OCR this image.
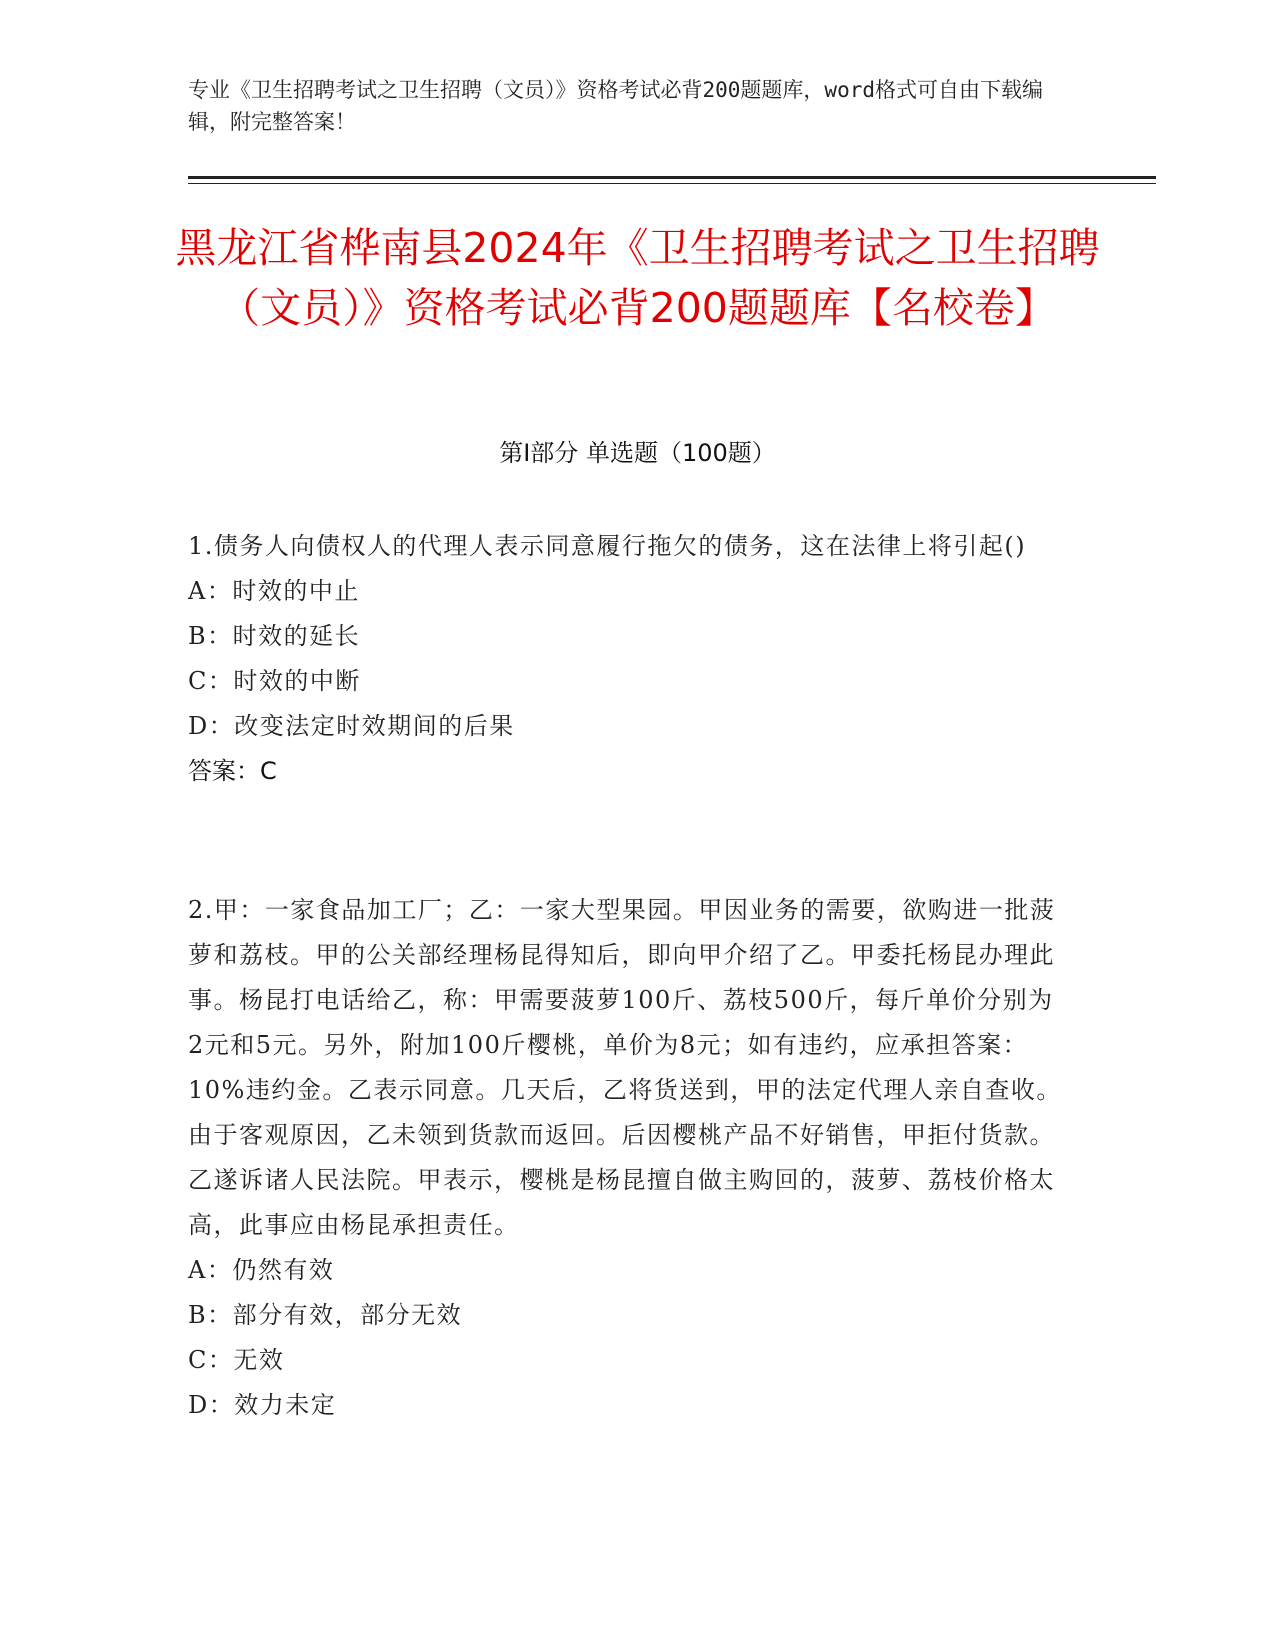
专业《卫生招聘考试之卫生招聘（文员）》资格考试必背200题题库，word格式可自由下载编辑，附完整答案！
黑龙江省桦南县2024年《卫生招聘考试之卫生招聘（文员）》资格考试必背200题题库【名校卷】
第Ⅰ部分 单选题（100题）
1.债务人向债权人的代理人表示同意履行拖欠的债务，这在法律上将引起()
A：时效的中止
B：时效的延长
C：时效的中断
D：改变法定时效期间的后果
答案：C
2.甲：一家食品加工厂；乙：一家大型果园。甲因业务的需要，欲购进一批菠萝和荔枝。甲的公关部经理杨昆得知后，即向甲介绍了乙。甲委托杨昆办理此事。杨昆打电话给乙，称：甲需要菠萝100斤、荔枝500斤，每斤单价分别为2元和5元。另外，附加100斤樱桃，单价为8元；如有违约，应承担答案：10%违约金。乙表示同意。几天后，乙将货送到，甲的法定代理人亲自查收。由于客观原因，乙未领到货款而返回。后因樱桃产品不好销售，甲拒付货款。乙遂诉诸人民法院。甲表示，樱桃是杨昆擅自做主购回的，菠萝、荔枝价格太高，此事应由杨昆承担责任。
A：仍然有效
B：部分有效，部分无效
C：无效
D：效力未定
